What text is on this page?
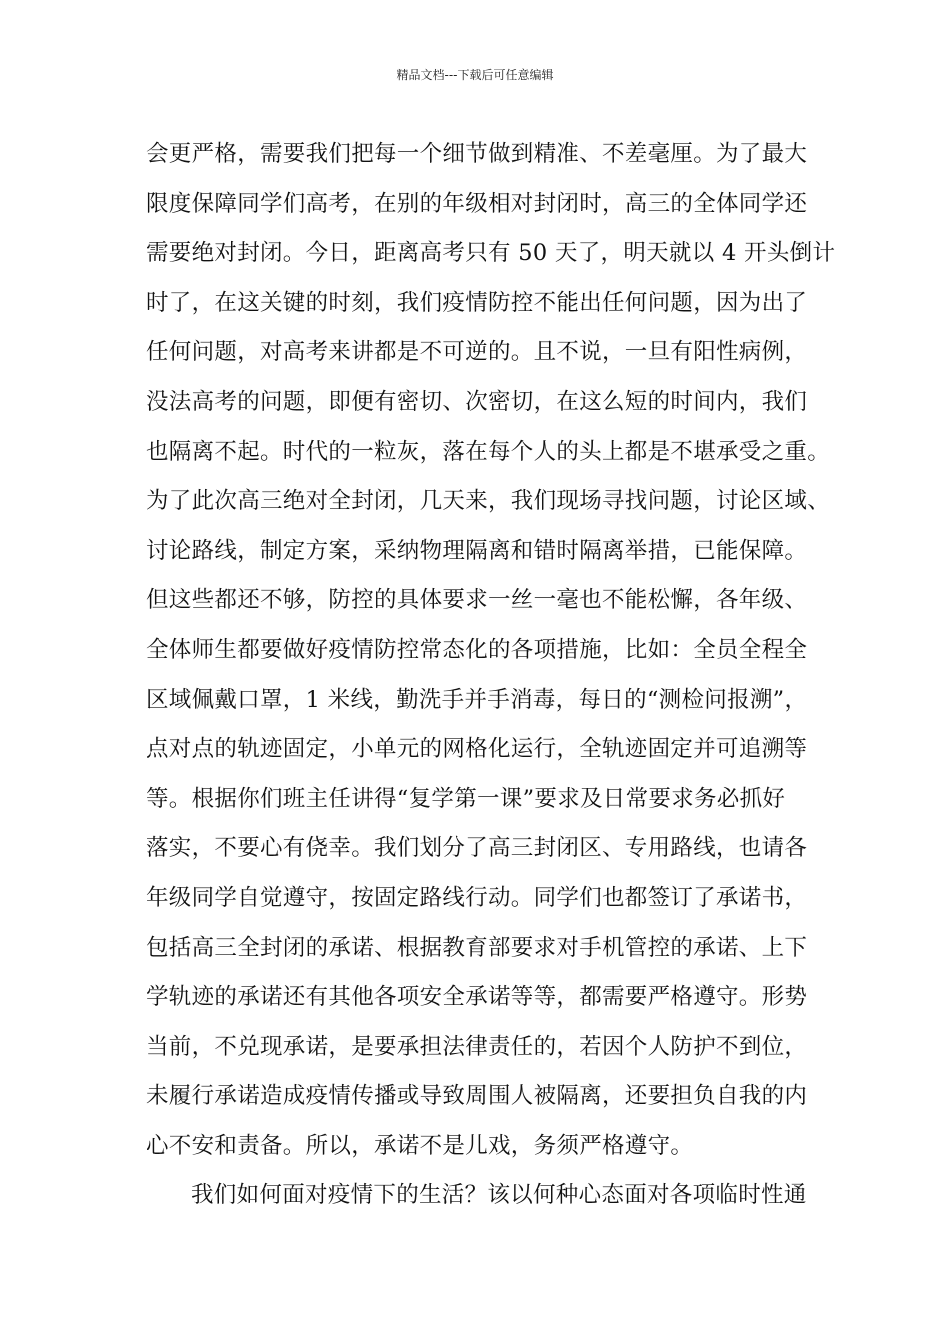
精品文档---下载后可任意编辑
会更严格，需要我们把每一个细节做到精准、不差毫厘。为了最大
限度保障同学们高考，在别的年级相对封闭时，高三的全体同学还
需要绝对封闭。今日，距离高考只有 50 天了，明天就以 4 开头倒计
时了，在这关键的时刻，我们疫情防控不能出任何问题，因为出了
任何问题，对高考来讲都是不可逆的。且不说，一旦有阳性病例，
没法高考的问题，即便有密切、次密切，在这么短的时间内，我们
也隔离不起。时代的一粒灰，落在每个人的头上都是不堪承受之重。
为了此次高三绝对全封闭，几天来，我们现场寻找问题，讨论区域、
讨论路线，制定方案，采纳物理隔离和错时隔离举措，已能保障。
但这些都还不够，防控的具体要求一丝一毫也不能松懈，各年级、
全体师生都要做好疫情防控常态化的各项措施，比如：全员全程全
区域佩戴口罩，1 米线，勤洗手并手消毒，每日的“测检问报溯”，
点对点的轨迹固定，小单元的网格化运行，全轨迹固定并可追溯等
等。根据你们班主任讲得“复学第一课”要求及日常要求务必抓好
落实，不要心有侥幸。我们划分了高三封闭区、专用路线，也请各
年级同学自觉遵守，按固定路线行动。同学们也都签订了承诺书，
包括高三全封闭的承诺、根据教育部要求对手机管控的承诺、上下
学轨迹的承诺还有其他各项安全承诺等等，都需要严格遵守。形势
当前，不兑现承诺，是要承担法律责任的，若因个人防护不到位，
未履行承诺造成疫情传播或导致周围人被隔离，还要担负自我的内
心不安和责备。所以，承诺不是儿戏，务须严格遵守。
我们如何面对疫情下的生活？该以何种心态面对各项临时性通
